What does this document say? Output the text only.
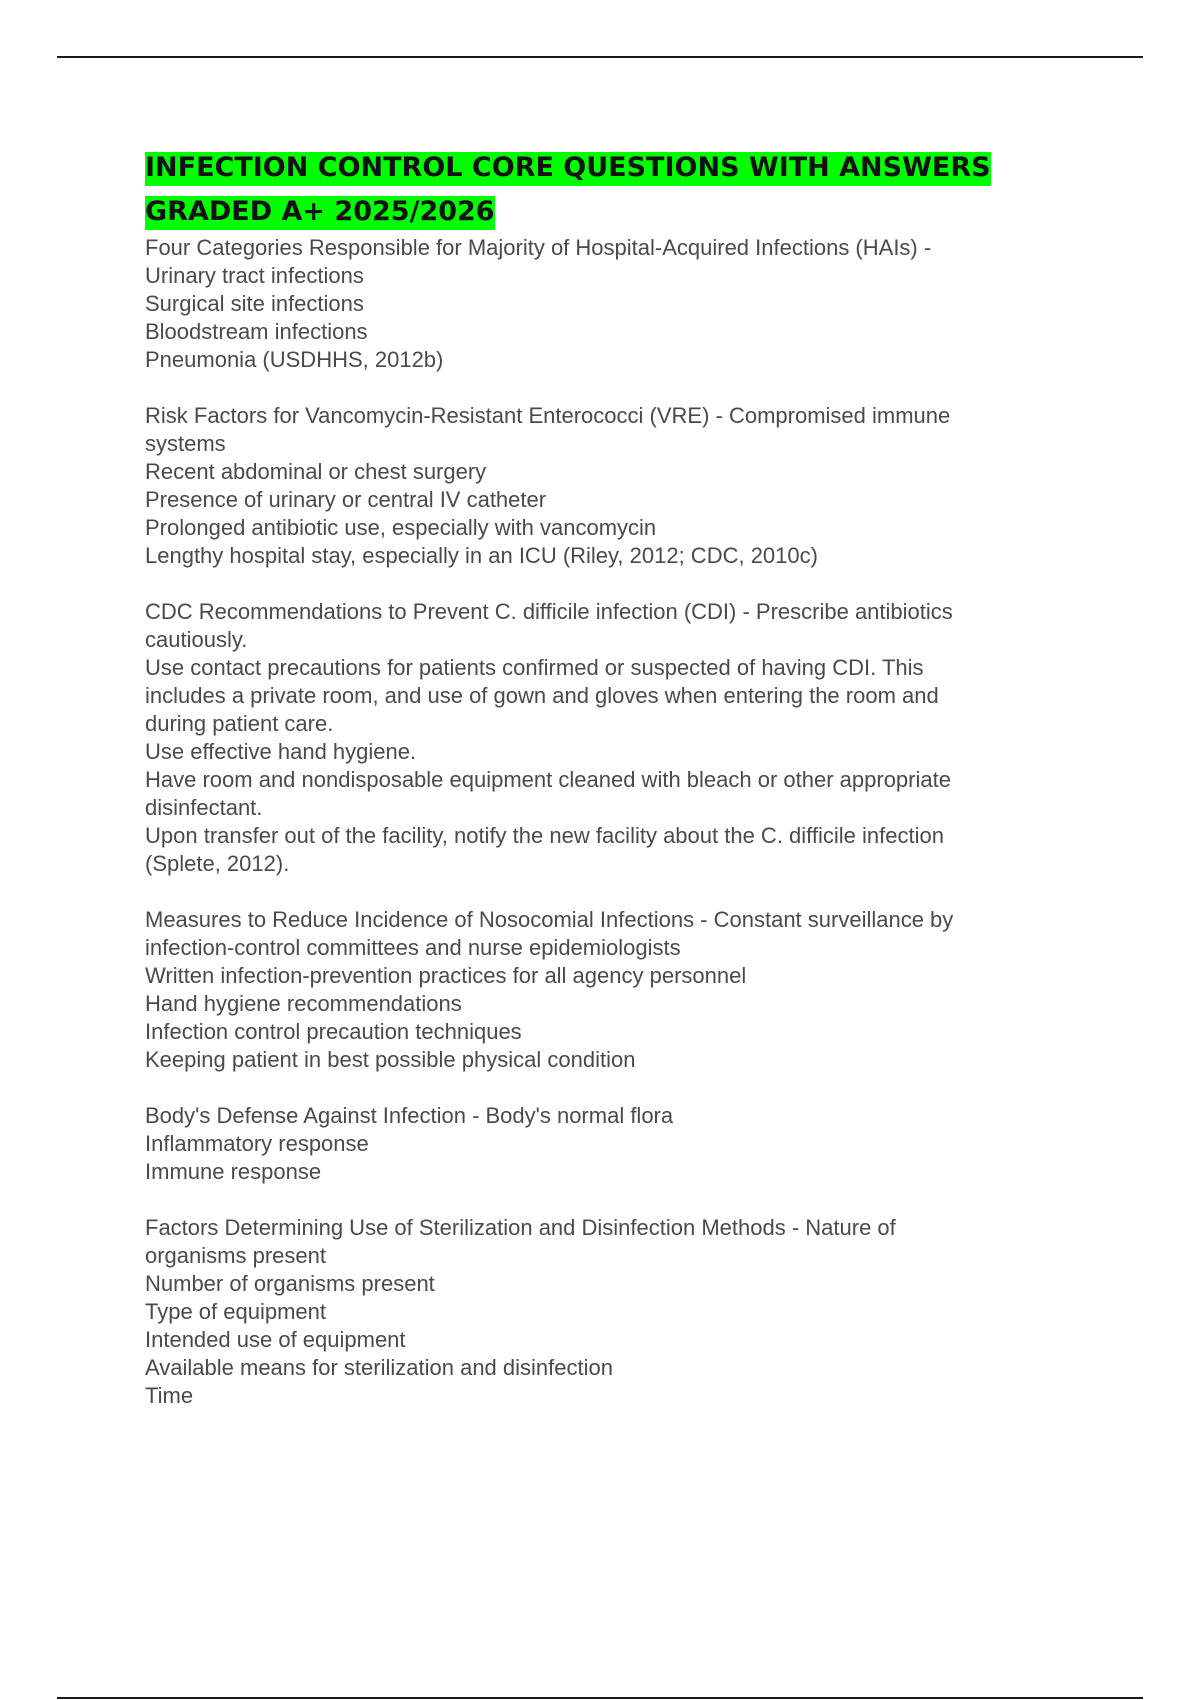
INFECTION CONTROL CORE QUESTIONS WITH ANSWERS GRADED A+ 2025/2026

Four Categories Responsible for Majority of Hospital-Acquired Infections (HAIs) -
Urinary tract infections
Surgical site infections
Bloodstream infections
Pneumonia (USDHHS, 2012b)

Risk Factors for Vancomycin-Resistant Enterococci (VRE) - Compromised immune
systems
Recent abdominal or chest surgery
Presence of urinary or central IV catheter
Prolonged antibiotic use, especially with vancomycin
Lengthy hospital stay, especially in an ICU (Riley, 2012; CDC, 2010c)

CDC Recommendations to Prevent C. difficile infection (CDI) - Prescribe antibiotics
cautiously.
Use contact precautions for patients confirmed or suspected of having CDI. This
includes a private room, and use of gown and gloves when entering the room and
during patient care.
Use effective hand hygiene.
Have room and nondisposable equipment cleaned with bleach or other appropriate
disinfectant.
Upon transfer out of the facility, notify the new facility about the C. difficile infection
(Splete, 2012).

Measures to Reduce Incidence of Nosocomial Infections - Constant surveillance by
infection-control committees and nurse epidemiologists
Written infection-prevention practices for all agency personnel
Hand hygiene recommendations
Infection control precaution techniques
Keeping patient in best possible physical condition

Body's Defense Against Infection - Body's normal flora
Inflammatory response
Immune response

Factors Determining Use of Sterilization and Disinfection Methods - Nature of
organisms present
Number of organisms present
Type of equipment
Intended use of equipment
Available means for sterilization and disinfection
Time
